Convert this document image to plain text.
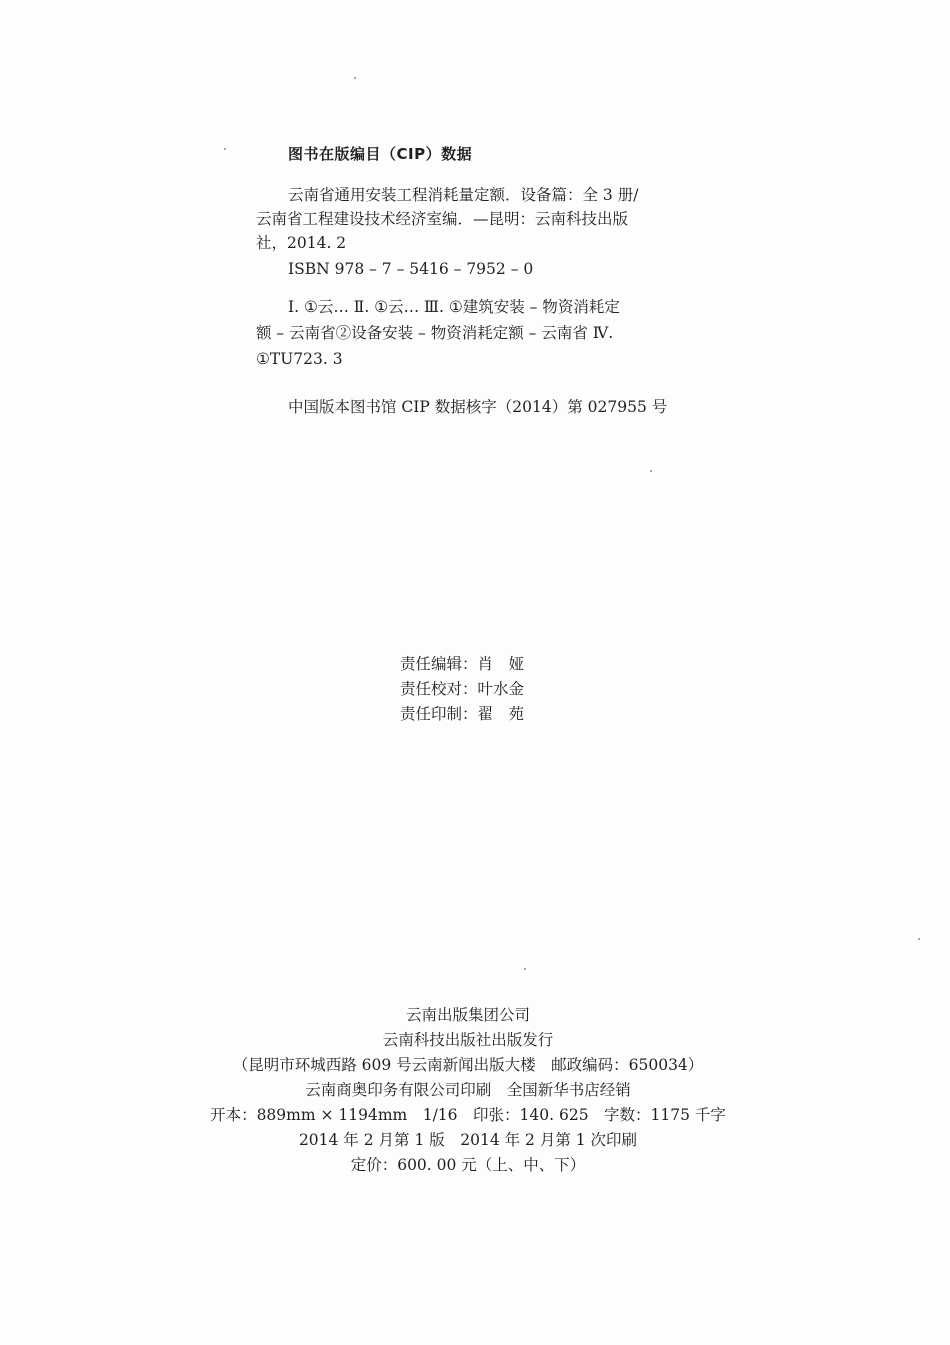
图书在版编目（CIP）数据
云南省通用安装工程消耗量定额．设备篇：全 3 册/
云南省工程建设技术经济室编．—昆明：云南科技出版
社，2014. 2
ISBN 978 – 7 – 5416 – 7952 – 0
Ⅰ. ①云… Ⅱ. ①云… Ⅲ. ①建筑安装 – 物资消耗定
额 – 云南省②设备安装 – 物资消耗定额 – 云南省 Ⅳ.
①TU723. 3
中国版本图书馆 CIP 数据核字（2014）第 027955 号
责任编辑：肖　娅
责任校对：叶水金
责任印制：翟　苑
云南出版集团公司
云南科技出版社出版发行
（昆明市环城西路 609 号云南新闻出版大楼　邮政编码：650034）
云南商奥印务有限公司印刷　全国新华书店经销
开本：889mm × 1194mm　1/16　印张：140. 625　字数：1175 千字
2014 年 2 月第 1 版　2014 年 2 月第 1 次印刷
定价：600. 00 元（上、中、下）
